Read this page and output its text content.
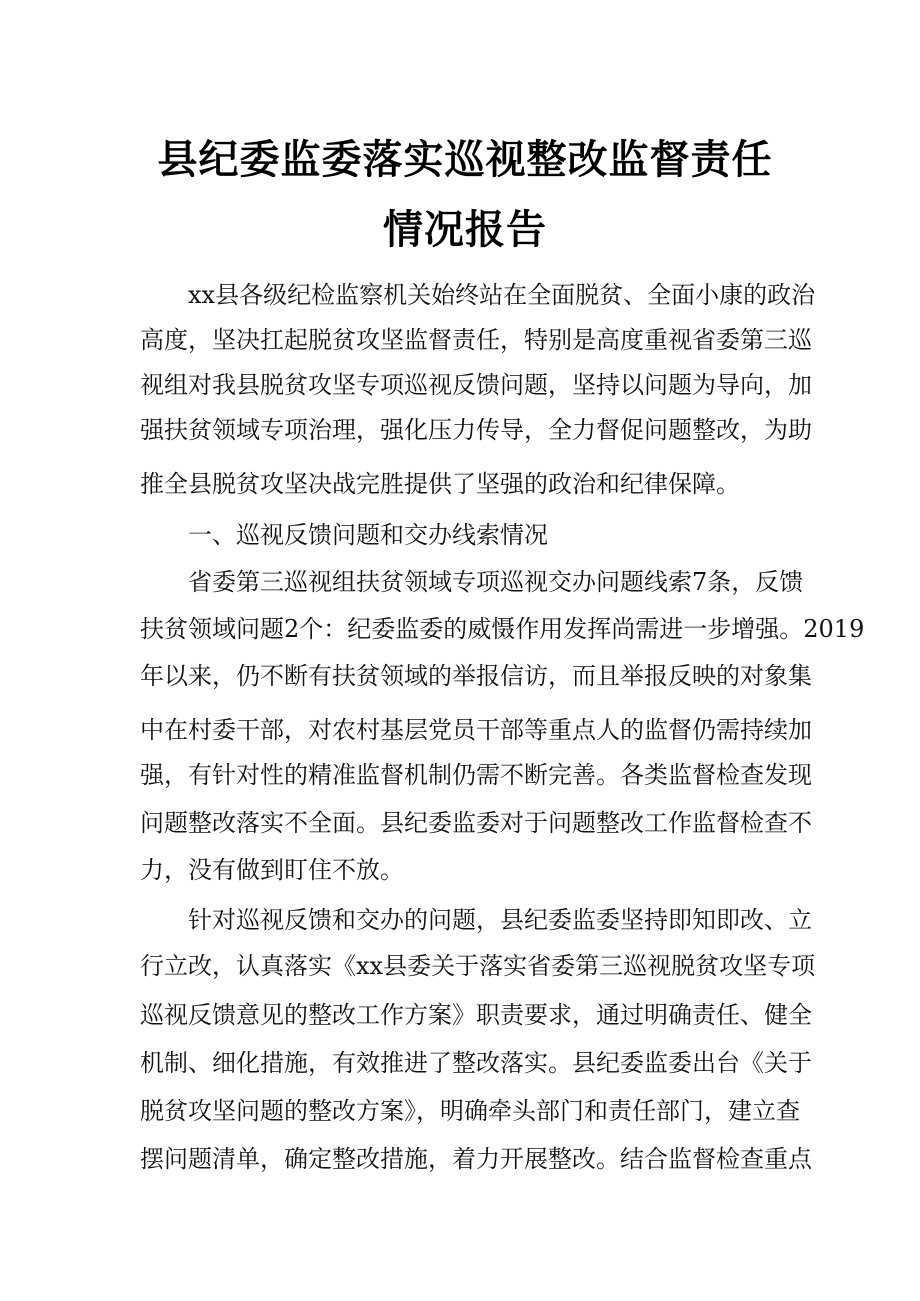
县纪委监委落实巡视整改监督责任
情况报告

xx县各级纪检监察机关始终站在全面脱贫、全面小康的政治

高度，坚决扛起脱贫攻坚监督责任，特别是高度重视省委第三巡

视组对我县脱贫攻坚专项巡视反馈问题，坚持以问题为导向，加

强扶贫领域专项治理，强化压力传导，全力督促问题整改，为助

推全县脱贫攻坚决战完胜提供了坚强的政治和纪律保障。

一、巡视反馈问题和交办线索情况

省委第三巡视组扶贫领域专项巡视交办问题线索7条，反馈

扶贫领域问题2个：纪委监委的威慑作用发挥尚需进一步增强。2019

年以来，仍不断有扶贫领域的举报信访，而且举报反映的对象集

中在村委干部，对农村基层党员干部等重点人的监督仍需持续加

强，有针对性的精准监督机制仍需不断完善。各类监督检查发现

问题整改落实不全面。县纪委监委对于问题整改工作监督检查不

力，没有做到盯住不放。

针对巡视反馈和交办的问题，县纪委监委坚持即知即改、立

行立改，认真落实《xx县委关于落实省委第三巡视脱贫攻坚专项

巡视反馈意见的整改工作方案》职责要求，通过明确责任、健全

机制、细化措施，有效推进了整改落实。县纪委监委出台《关于

脱贫攻坚问题的整改方案》，明确牵头部门和责任部门，建立查

摆问题清单，确定整改措施，着力开展整改。结合监督检查重点
